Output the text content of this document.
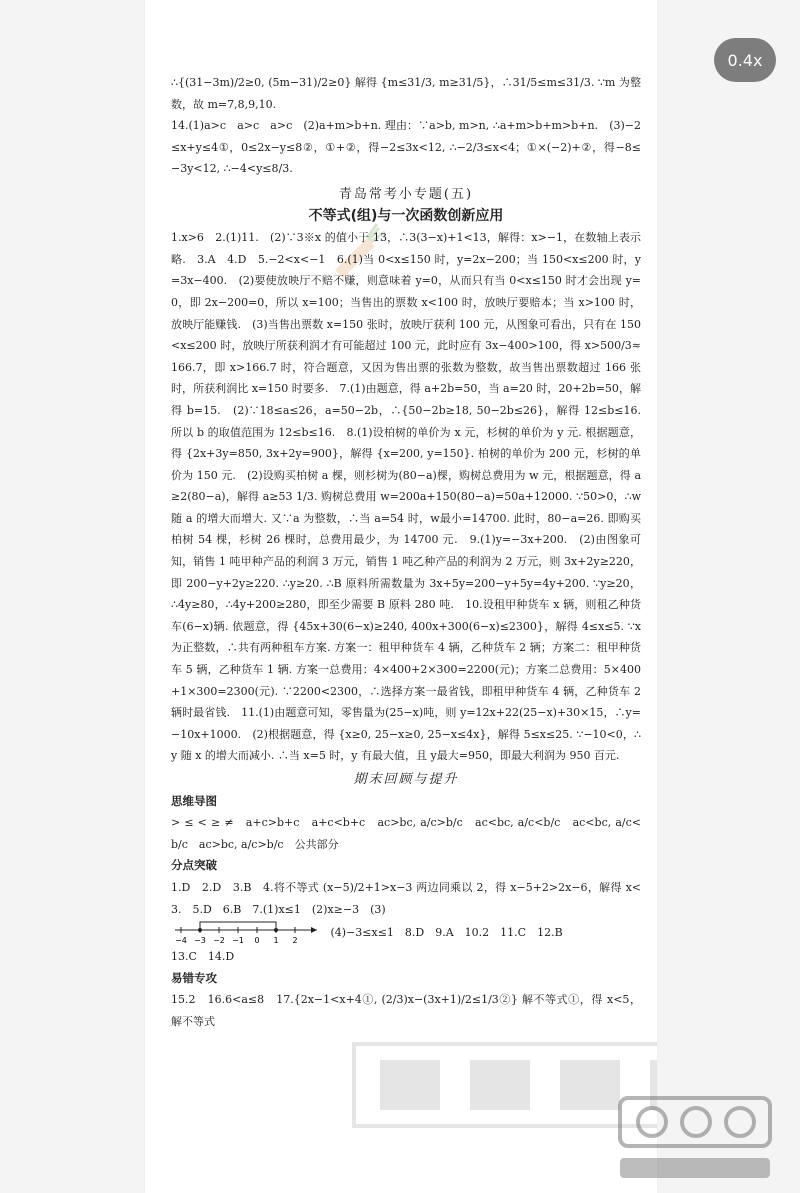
∴{(31−3m)/2≥0, (5m−31)/2≥0} 解得 {m≤31/3, m≥31/5}，∴31/5≤m≤31/3. ∵m 为整数，故 m=7,8,9,10.

14.(1)a>c　a>c　a>c　(2)a+m>b+n. 理由：∵a>b, m>n, ∴a+m>b+m>b+n.　(3)−2≤x+y≤4①，0≤2x−y≤8②，①+②，得−2≤3x<12, ∴−2/3≤x<4；①×(−2)+②，得−8≤−3y<12, ∴−4<y≤8/3.

青岛常考小专题(五)
不等式(组)与一次函数创新应用

1.x>6　2.(1)11.　(2)∵3※x 的值小于 13，∴3(3−x)+1<13，解得：x>−1，在数轴上表示略.　3.A　4.D　5.−2<x<−1　6.(1)当 0<x≤150 时，y=2x−200；当 150<x≤200 时，y=3x−400.　(2)要使放映厅不赔不赚，则意味着 y=0，从而只有当 0<x≤150 时才会出现 y=0，即 2x−200=0，所以 x=100；当售出的票数 x<100 时，放映厅要赔本；当 x>100 时，放映厅能赚钱.　(3)当售出票数 x=150 张时，放映厅获利 100 元，从图象可看出，只有在 150<x≤200 时，放映厅所获利润才有可能超过 100 元，此时应有 3x−400>100，得 x>500/3≈166.7，即 x>166.7 时，符合题意，又因为售出票的张数为整数，故当售出票数超过 166 张时，所获利润比 x=150 时要多.　7.(1)由题意，得 a+2b=50，当 a=20 时，20+2b=50，解得 b=15.　(2)∵18≤a≤26，a=50−2b，∴{50−2b≥18, 50−2b≤26}，解得 12≤b≤16. 所以 b 的取值范围为 12≤b≤16.　8.(1)设柏树的单价为 x 元，杉树的单价为 y 元. 根据题意，得 {2x+3y=850, 3x+2y=900}，解得 {x=200, y=150}. 柏树的单价为 200 元，杉树的单价为 150 元.　(2)设购买柏树 a 棵，则杉树为(80−a)棵，购树总费用为 w 元，根据题意，得 a≥2(80−a)，解得 a≥53 1/3. 购树总费用 w=200a+150(80−a)=50a+12000. ∵50>0，∴w 随 a 的增大而增大. 又∵a 为整数，∴当 a=54 时，w最小=14700. 此时，80−a=26. 即购买柏树 54 棵，杉树 26 棵时，总费用最少，为 14700 元.　9.(1)y=−3x+200.　(2)由图象可知，销售 1 吨甲种产品的利润 3 万元，销售 1 吨乙种产品的利润为 2 万元，则 3x+2y≥220，即 200−y+2y≥220. ∴y≥20. ∴B 原料所需数量为 3x+5y=200−y+5y=4y+200. ∵y≥20，∴4y≥80，∴4y+200≥280，即至少需要 B 原料 280 吨.　10.设租甲种货车 x 辆，则租乙种货车(6−x)辆. 依题意，得 {45x+30(6−x)≥240, 400x+300(6−x)≤2300}，解得 4≤x≤5. ∵x 为正整数，∴共有两种租车方案. 方案一：租甲种货车 4 辆，乙种货车 2 辆；方案二：租甲种货车 5 辆，乙种货车 1 辆. 方案一总费用：4×400+2×300=2200(元)；方案二总费用：5×400+1×300=2300(元). ∵2200<2300，∴选择方案一最省钱，即租甲种货车 4 辆，乙种货车 2 辆时最省钱.　11.(1)由题意可知，零售量为(25−x)吨，则 y=12x+22(25−x)+30×15，∴y=−10x+1000.　(2)根据题意，得 {x≥0, 25−x≥0, 25−x≤4x}，解得 5≤x≤25. ∵−10<0，∴y 随 x 的增大而减小. ∴当 x=5 时，y 有最大值，且 y最大=950，即最大利润为 950 百元.

期末回顾与提升
思维导图

> ≤ < ≥ ≠　a+c>b+c　a+c<b+c　ac>bc, a/c>b/c　ac<bc, a/c<b/c　ac<bc, a/c<b/c　ac>bc, a/c>b/c　公共部分

分点突破

1.D　2.D　3.B　4.将不等式 (x−5)/2+1>x−3 两边同乘以 2，得 x−5+2>2x−6，解得 x<3.　5.D　6.B　7.(1)x≤1　(2)x≥−3　(3)

−4 −3 −2 −1 0 1 2
(4)−3≤x≤1　8.D　9.A　10.2　11.C　12.B

13.C　14.D

易错专攻

15.2　16.6<a≤8　17.{2x−1<x+4①, (2/3)x−(3x+1)/2≤1/3②} 解不等式①，得 x<5，解不等式

0.4x
